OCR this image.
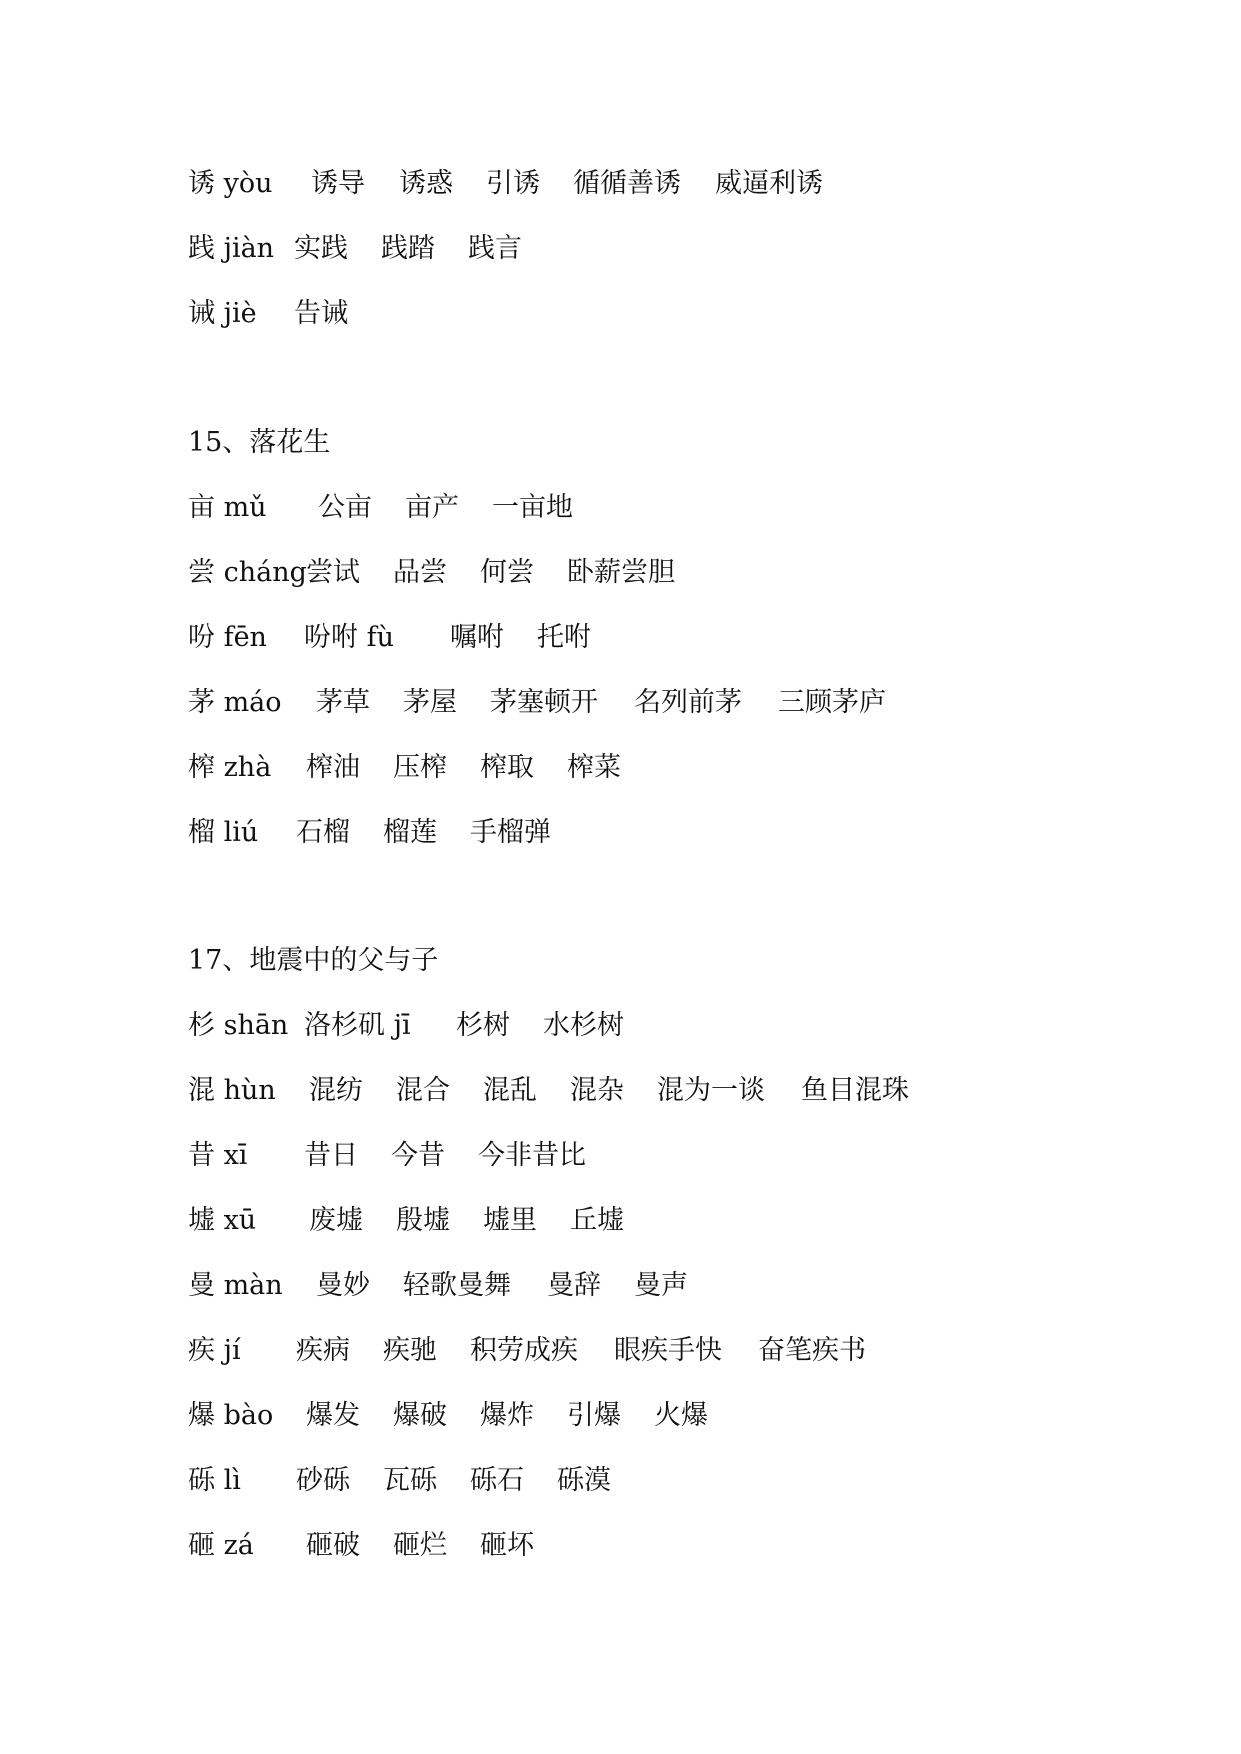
诱 yòu 诱导 诱惑 引诱 循循善诱 威逼利诱
践 jiàn 实践 践踏 践言
诫 jiè 告诫
15、落花生
亩 mǔ 公亩 亩产 一亩地
尝 cháng 尝试 品尝 何尝 卧薪尝胆
吩 fēn 吩咐 fù 嘱咐 托咐
茅 máo 茅草 茅屋 茅塞顿开 名列前茅 三顾茅庐
榨 zhà 榨油 压榨 榨取 榨菜
榴 liú 石榴 榴莲 手榴弹
17、地震中的父与子
杉 shān 洛杉矶 jī 杉树 水杉树
混 hùn 混纺 混合 混乱 混杂 混为一谈 鱼目混珠
昔 xī 昔日 今昔 今非昔比
墟 xū 废墟 殷墟 墟里 丘墟
曼 màn 曼妙 轻歌曼舞 曼辞 曼声
疾 jí 疾病 疾驰 积劳成疾 眼疾手快 奋笔疾书
爆 bào 爆发 爆破 爆炸 引爆 火爆
砾 lì 砂砾 瓦砾 砾石 砾漠
砸 zá 砸破 砸烂 砸坏
